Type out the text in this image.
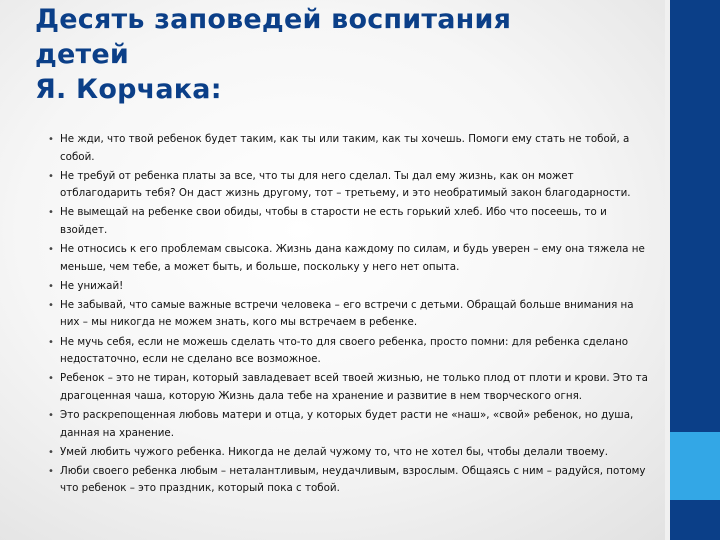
Десять заповедей воспитания
детей
Я. Корчака:
• Не жди, что твой ребенок будет таким, как ты или таким, как ты хочешь. Помоги ему стать не тобой, а собой.
• Не требуй от ребенка платы за все, что ты для него сделал. Ты дал ему жизнь, как он может отблагодарить тебя? Он даст жизнь другому, тот – третьему, и это необратимый закон благодарности.
• Не вымещай на ребенке свои обиды, чтобы в старости не есть горький хлеб. Ибо что посеешь, то и взойдет.
• Не относись к его проблемам свысока. Жизнь дана каждому по силам, и будь уверен – ему она тяжела не меньше, чем тебе, а может быть, и больше, поскольку у него нет опыта.
• Не унижай!
• Не забывай, что самые важные встречи человека – его встречи с детьми. Обращай больше внимания на них – мы никогда не можем знать, кого мы встречаем в ребенке.
• Не мучь себя, если не можешь сделать что-то для своего ребенка, просто помни: для ребенка сделано недостаточно, если не сделано все возможное.
• Ребенок – это не тиран, который завладевает всей твоей жизнью, не только плод от плоти и крови. Это та драгоценная чаша, которую Жизнь дала тебе на хранение и развитие в нем творческого огня.
• Это раскрепощенная любовь матери и отца, у которых будет расти не «наш», «свой» ребенок, но душа, данная на хранение.
• Умей любить чужого ребенка. Никогда не делай чужому то, что не хотел бы, чтобы делали твоему.
• Люби своего ребенка любым – неталантливым, неудачливым, взрослым. Общаясь с ним – радуйся, потому что ребенок – это праздник, который пока с тобой.
